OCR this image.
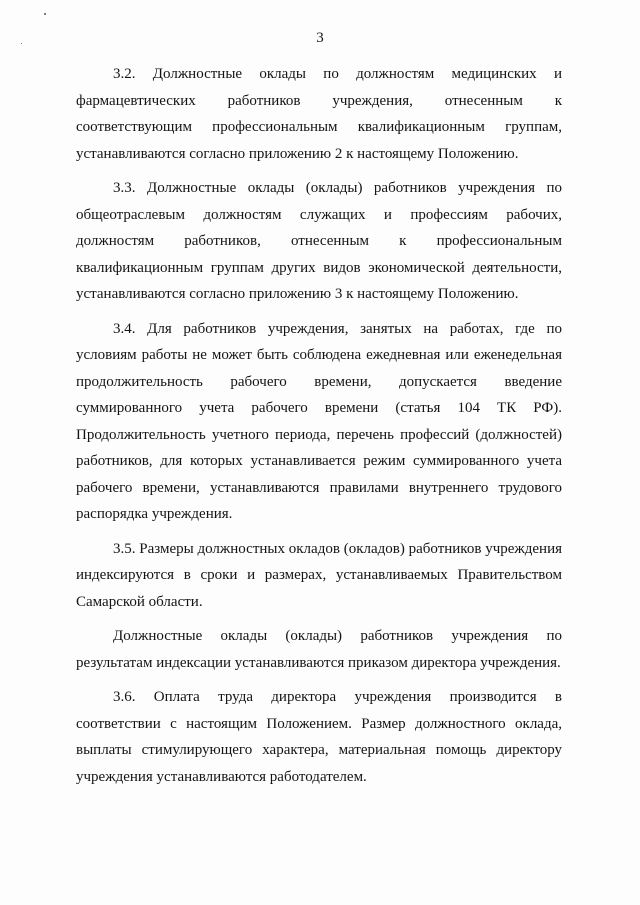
3

3.2. Должностные оклады по должностям медицинских и фармацевтических работников учреждения, отнесенным к соответствующим профессиональным квалификационным группам, устанавливаются согласно приложению 2 к настоящему Положению.

3.3. Должностные оклады (оклады) работников учреждения по общеотраслевым должностям служащих и профессиям рабочих, должностям работников, отнесенным к профессиональным квалификационным группам других видов экономической деятельности, устанавливаются согласно приложению 3 к настоящему Положению.

3.4. Для работников учреждения, занятых на работах, где по условиям работы не может быть соблюдена ежедневная или еженедельная продолжительность рабочего времени, допускается введение суммированного учета рабочего времени (статья 104 ТК РФ). Продолжительность учетного периода, перечень профессий (должностей) работников, для которых устанавливается режим суммированного учета рабочего времени, устанавливаются правилами внутреннего трудового распорядка учреждения.

3.5. Размеры должностных окладов (окладов) работников учреждения индексируются в сроки и размерах, устанавливаемых Правительством Самарской области.

Должностные оклады (оклады) работников учреждения по результатам индексации устанавливаются приказом директора учреждения.

3.6. Оплата труда директора учреждения производится в соответствии с настоящим Положением. Размер должностного оклада, выплаты стимулирующего характера, материальная помощь директору учреждения устанавливаются работодателем.
